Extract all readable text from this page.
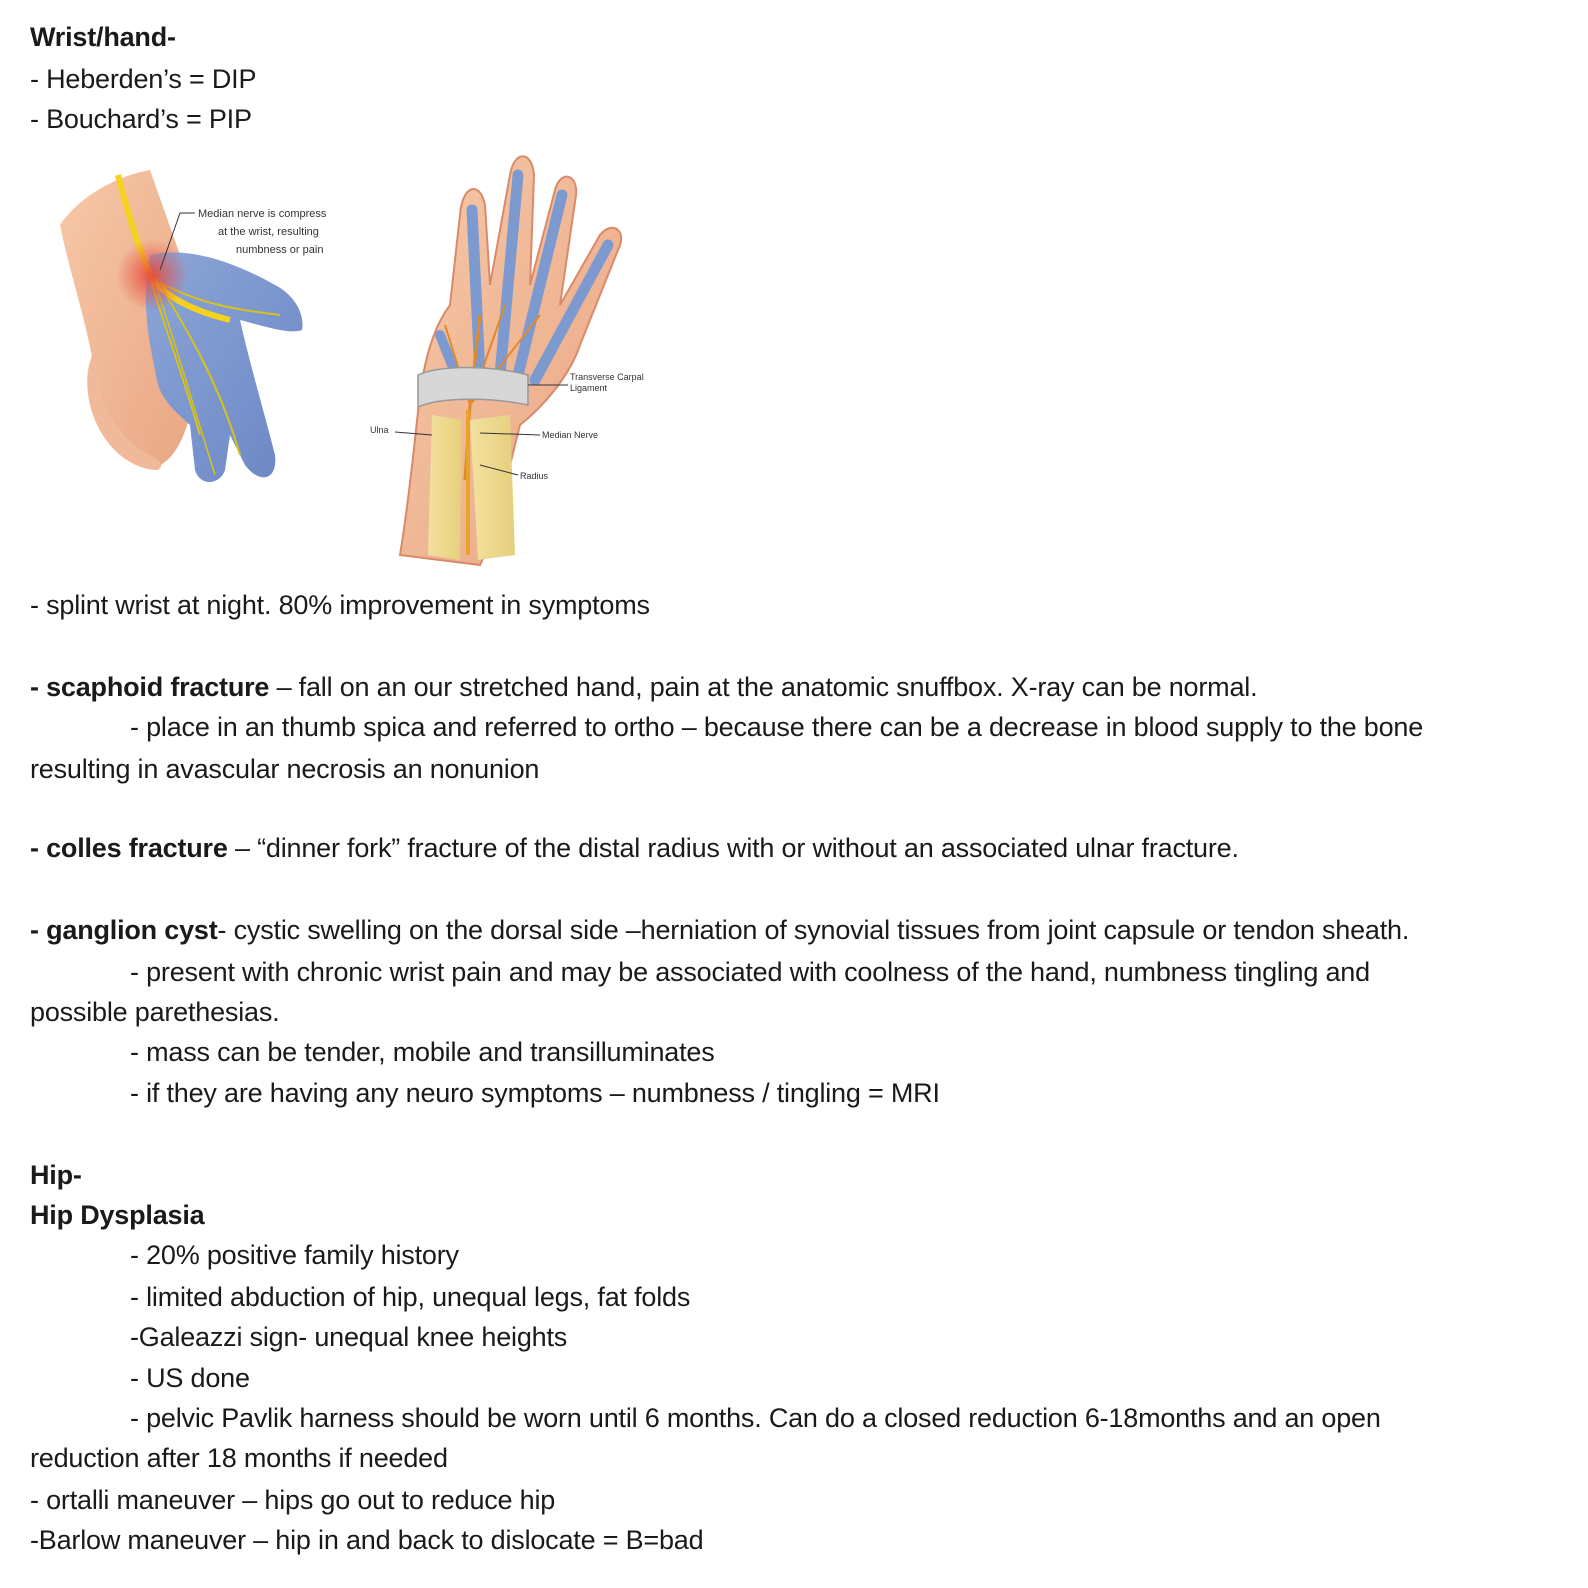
Wrist/hand-
- Heberden’s = DIP
- Bouchard’s = PIP
Median nerve is compress
at the wrist, resulting
numbness or pain
Transverse Carpal
Ligament
Ulna	Median Nerve
Radius
- splint wrist at night. 80% improvement in symptoms
- scaphoid fracture – fall on an our stretched hand, pain at the anatomic snuffbox. X-ray can be normal.
- place in an thumb spica and referred to ortho – because there can be a decrease in blood supply to the bone
resulting in avascular necrosis an nonunion
- colles fracture – “dinner fork” fracture of the distal radius with or without an associated ulnar fracture.
- ganglion cyst- cystic swelling on the dorsal side –herniation of synovial tissues from joint capsule or tendon sheath.
- present with chronic wrist pain and may be associated with coolness of the hand, numbness tingling and
possible parethesias.
- mass can be tender, mobile and transilluminates
- if they are having any neuro symptoms – numbness / tingling = MRI
Hip-
Hip Dysplasia
- 20% positive family history
- limited abduction of hip, unequal legs, fat folds
-Galeazzi sign- unequal knee heights
- US done
- pelvic Pavlik harness should be worn until 6 months. Can do a closed reduction 6-18months and an open
reduction after 18 months if needed
- ortalli maneuver – hips go out to reduce hip
-Barlow maneuver – hip in and back to dislocate = B=bad
